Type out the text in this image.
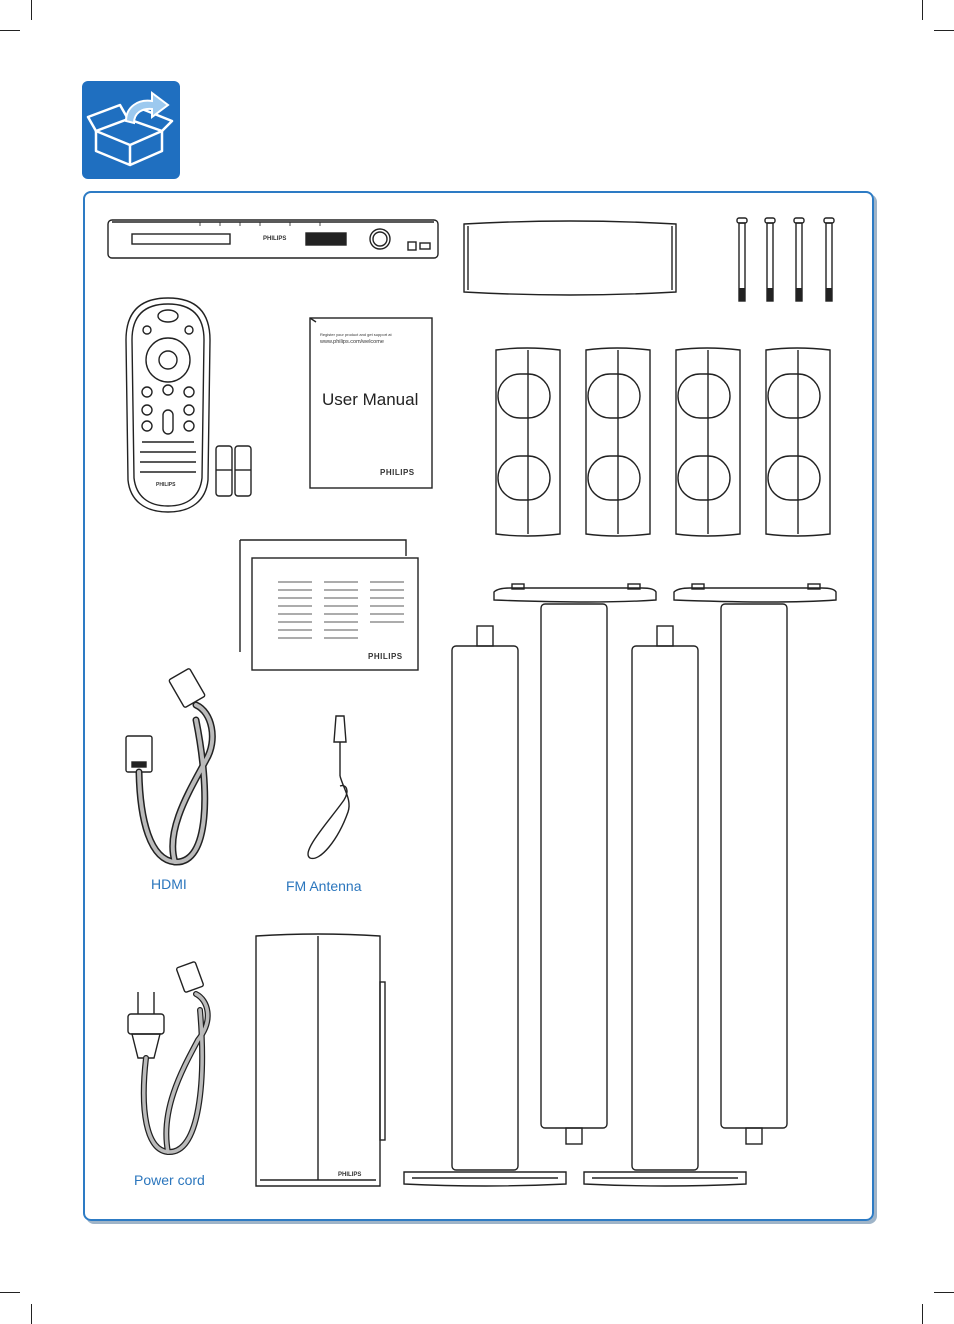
PHILIPS
PHILIPS
Register your product and get support at
www.philips.com/welcome
User Manual
PHILIPS
PHILIPS
PHILIPS
HDMI	FM Antenna
Power cord
